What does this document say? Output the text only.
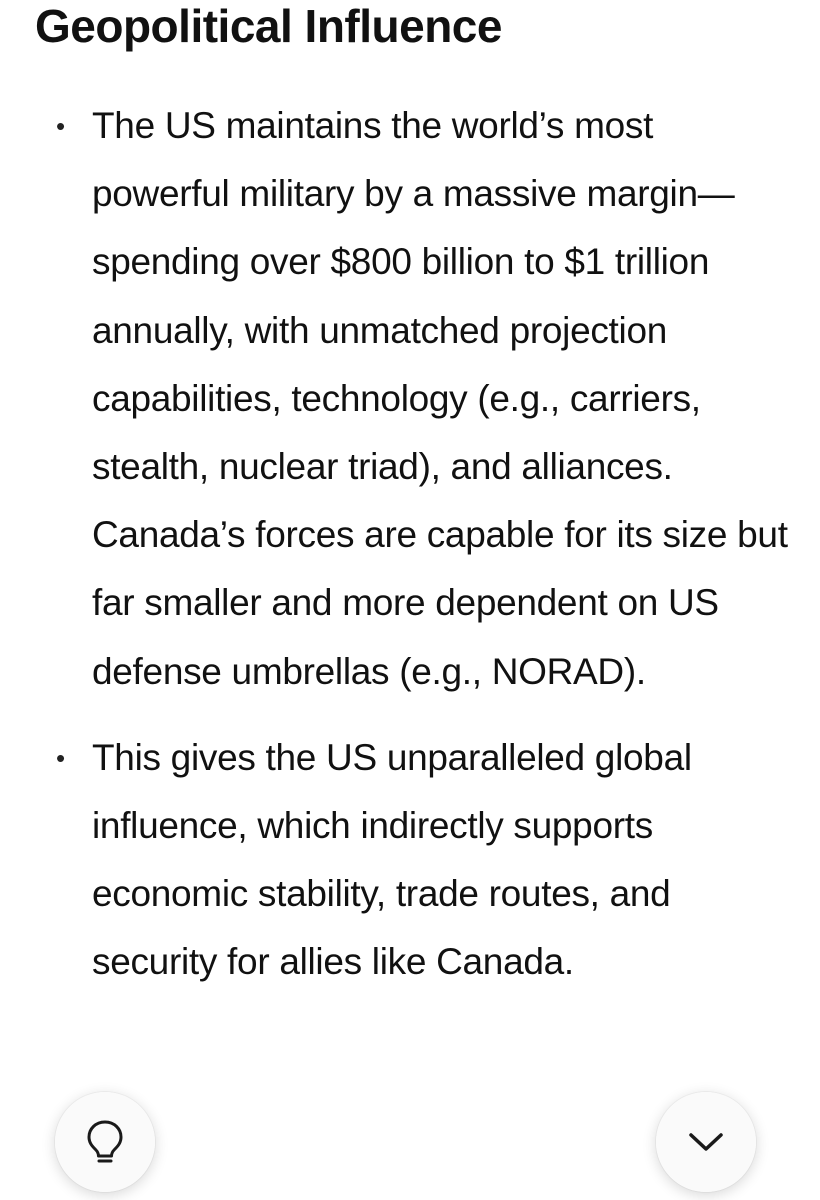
Geopolitical Influence
• The US maintains the world’s most powerful military by a massive margin—spending over $800 billion to $1 trillion annually, with unmatched projection capabilities, technology (e.g., carriers, stealth, nuclear triad), and alliances. Canada’s forces are capable for its size but far smaller and more dependent on US defense umbrellas (e.g., NORAD).
• This gives the US unparalleled global influence, which indirectly supports economic stability, trade routes, and security for allies like Canada.
